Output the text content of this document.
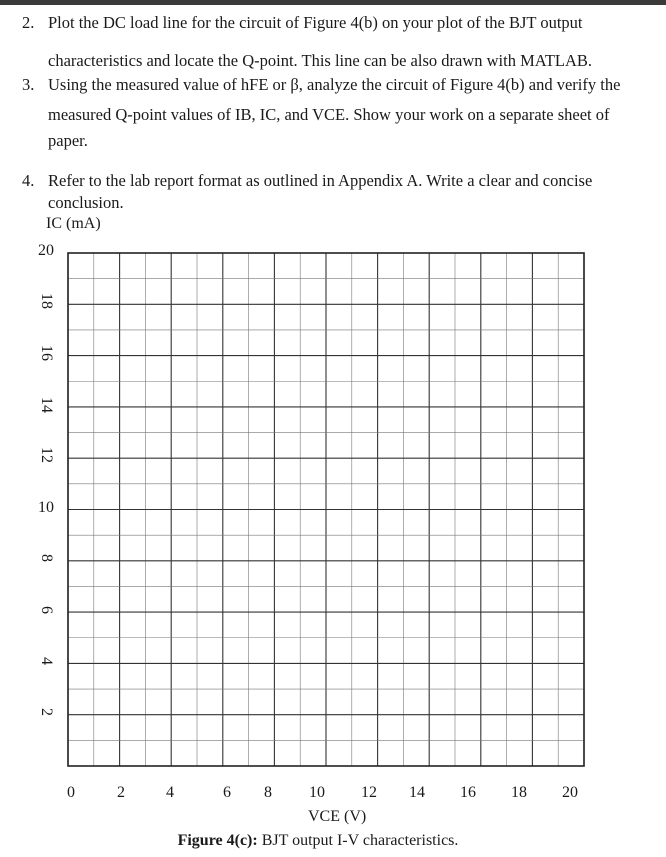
2. Plot the DC load line for the circuit of Figure 4(b) on your plot of the BJT output

characteristics and locate the Q-point. This line can be also drawn with MATLAB.

3. Using the measured value of hFE or β, analyze the circuit of Figure 4(b) and verify the

measured Q-point values of IB, IC, and VCE. Show your work on a separate sheet of

paper.

4. Refer to the lab report format as outlined in Appendix A. Write a clear and concise

conclusion.

IC (mA)
20
18
16
14
12
10
8
6
4
2
0	2	4	6	8	10	12	14	16	18	20
VCE (V)
Figure 4(c): BJT output I-V characteristics.
